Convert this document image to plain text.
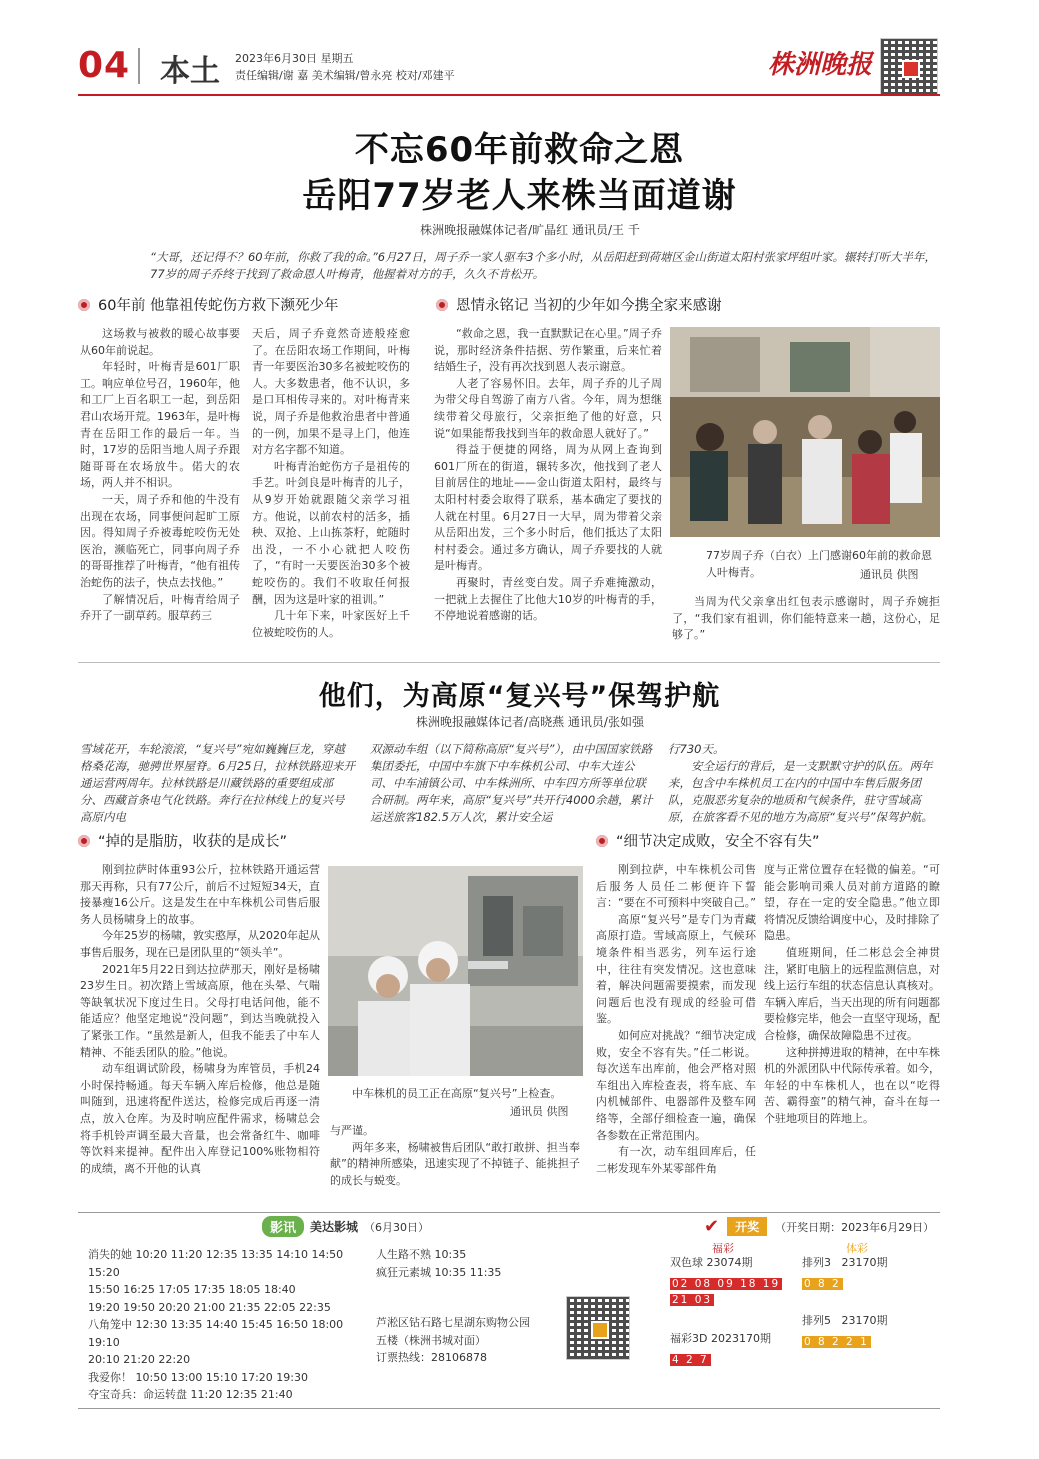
04 本土 2023年6月30日 星期五
责任编辑/谢 嘉 美术编辑/曾永亮 校对/邓建平	株洲晚报
不忘60年前救命之恩
岳阳77岁老人来株当面道谢
株洲晚报融媒体记者/旷晶红 通讯员/王 千
“大哥，还记得不？60年前，你救了我的命。”6月27日，周子乔一家人驱车3个多小时，从岳阳赶到荷塘区金山街道太阳村张家坪组叶家。辗转打听大半年，77岁的周子乔终于找到了救命恩人叶梅青，他握着对方的手，久久不肯松开。
60年前 他靠祖传蛇伤方救下濒死少年	恩情永铭记 当初的少年如今携全家来感谢

这场救与被救的暖心故事要从60年前说起。

年轻时，叶梅青是601厂职工。响应单位号召，1960年，他和工厂上百名职工一起，到岳阳君山农场开荒。1963年，是叶梅青在岳阳工作的最后一年。当时，17岁的岳阳当地人周子乔跟随哥哥在农场放牛。偌大的农场，两人并不相识。

一天，周子乔和他的牛没有出现在农场，同事便问起旷工原因。得知周子乔被毒蛇咬伤无处医治，濒临死亡，同事向周子乔的哥哥推荐了叶梅青，“他有祖传治蛇伤的法子，快点去找他。”

了解情况后，叶梅青给周子乔开了一副草药。服草药三

天后，周子乔竟然奇迹般痊愈了。在岳阳农场工作期间，叶梅青一年要医治30多名被蛇咬伤的人。大多数患者，他不认识，多是口耳相传寻来的。对叶梅青来说，周子乔是他救治患者中普通的一例，加果不是寻上门，他连对方名字都不知道。

叶梅青治蛇伤方子是祖传的手艺。叶剑良是叶梅青的儿子，从9岁开始就跟随父亲学习祖方。他说，以前农村的活多，插秧、双抢、上山拣茶籽，蛇随时出没，一不小心就把人咬伤了，“有时一天要医治30多个被蛇咬伤的。我们不收取任何报酬，因为这是叶家的祖训。”

几十年下来，叶家医好上千位被蛇咬伤的人。

“救命之恩，我一直默默记在心里。”周子乔说，那时经济条件拮据、劳作繁重，后来忙着结婚生子，没有再次找到恩人表示谢意。

人老了容易怀旧。去年，周子乔的儿子周为带父母自驾游了南方八省。今年，周为想继续带着父母旅行，父亲拒绝了他的好意，只说“如果能帮我找到当年的救命恩人就好了。”

得益于便捷的网络，周为从网上查询到601厂所在的街道，辗转多次，他找到了老人目前居住的地址——金山街道太阳村，最终与太阳村村委会取得了联系，基本确定了要找的人就在村里。6月27日一大早，周为带着父亲从岳阳出发，三个多小时后，他们抵达了太阳村村委会。通过多方确认，周子乔要找的人就是叶梅青。

再聚时，青丝变白发。周子乔难掩激动，一把就上去握住了比他大10岁的叶梅青的手，不停地说着感谢的话。

77岁周子乔（白衣）上门感谢60年前的救命恩人叶梅青。	通讯员 供图

当周为代父亲拿出红包表示感谢时，周子乔婉拒了，“我们家有祖训，你们能特意来一趟，这份心，足够了。”

他们，为高原“复兴号”保驾护航
株洲晚报融媒体记者/高晓燕 通讯员/张如强
雪域花开，车轮滚滚，“复兴号”宛如巍巍巨龙，穿越格桑花海，驰骋世界屋脊。6月25日，拉林铁路迎来开通运营两周年。拉林铁路是川藏铁路的重要组成部分、西藏首条电气化铁路。奔行在拉林线上的复兴号高原内电
双源动车组（以下简称高原“复兴号”），由中国国家铁路集团委托，中国中车旗下中车株机公司、中车大连公司、中车浦镇公司、中车株洲所、中车四方所等单位联合研制。两年来，高原“复兴号”共开行4000余趟，累计运送旅客182.5万人次，累计安全运
行730天。
安全运行的背后，是一支默默守护的队伍。两年来，包含中车株机员工在内的中国中车售后服务团队，克服恶劣复杂的地质和气候条件，驻守雪域高原，在旅客看不见的地方为高原“复兴号”保驾护航。
“掉的是脂肪，收获的是成长”	“细节决定成败，安全不容有失”

刚到拉萨时体重93公斤，拉林铁路开通运营那天再称，只有77公斤，前后不过短短34天，直接暴瘦16公斤。这是发生在中车株机公司售后服务人员杨啸身上的故事。

今年25岁的杨啸，敦实憨厚，从2020年起从事售后服务，现在已是团队里的“领头羊”。

2021年5月22日到达拉萨那天，刚好是杨啸23岁生日。初次踏上雪域高原，他在头晕、气喘等缺氧状况下度过生日。父母打电话问他，能不能适应？他坚定地说“没问题”，到达当晚就投入了紧张工作。“虽然是新人，但我不能丢了中车人精神、不能丢团队的脸。”他说。

动车组调试阶段，杨啸身为库管员，手机24小时保持畅通。每天车辆入库后检修，他总是随叫随到，迅速将配件送达，检修完成后再逐一清点，放入仓库。为及时响应配件需求，杨啸总会将手机铃声调至最大音量，也会常备红牛、咖啡等饮料来提神。配件出入库登记100%账物相符的成绩，离不开他的认真

中车株机的员工正在高原“复兴号”上检查。
通讯员 供图

与严谨。

两年多来，杨啸被售后团队“敢打敢拼、担当奉献”的精神所感染，迅速实现了不掉链子、能挑担子的成长与蜕变。

刚到拉萨，中车株机公司售后服务人员任二彬便许下誓言：“要在不可预料中突破自己。”

高原“复兴号”是专门为青藏高原打造。雪域高原上，气候环境条件相当恶劣，列车运行途中，往往有突发情况。这也意味着，解决问题需要摸索，而发现问题后也没有现成的经验可借鉴。

如何应对挑战？“细节决定成败，安全不容有失。”任二彬说。每次送车出库前，他会严格对照车组出入库检查表，将车底、车内机械部件、电器部件及整车网络等，全部仔细检查一遍，确保各参数在正常范围内。

有一次，动车组回库后，任二彬发现车外某零部件角

度与正常位置存在轻微的偏差。“可能会影响司乘人员对前方道路的瞭望，存在一定的安全隐患。”他立即将情况反馈给调度中心，及时排除了隐患。

值班期间，任二彬总会全神贯注，紧盯电脑上的远程监测信息，对线上运行车组的状态信息认真核对。车辆入库后，当天出现的所有问题都要检修完毕，他会一直坚守现场，配合检修，确保故障隐患不过夜。

这种拼搏进取的精神，在中车株机的外派团队中代际传承着。如今，年轻的中车株机人，也在以“吃得苦、霸得蛮”的精气神，奋斗在每一个驻地项目的阵地上。

影讯	美达影城 （6月30日）
消失的她 10:20 11:20 12:35 13:35 14:10 14:50 15:20
15:50 16:25 17:05 17:35 18:05 18:40
19:20 19:50 20:20 21:00 21:35 22:05 22:35
八角笼中 12:30 13:35 14:40 15:45 16:50 18:00 19:10
20:10 21:20 22:20
我爱你！ 10:50 13:00 15:10 17:20 19:30
夺宝奇兵：命运转盘 11:20 12:35 21:40
人生路不熟 10:35
疯狂元素城 10:35 11:35
芦淞区钻石路七星湖东购物公园
五楼（株洲书城对面）
订票热线：28106878
✔	开奖	（开奖日期：2023年6月29日）
福彩	体彩
双色球 23074期
02 08 09 18 19
21 03
排列3 23170期
0 8 2
排列5 23170期
0 8 2 2 1
福彩3D 2023170期
4 2 7
